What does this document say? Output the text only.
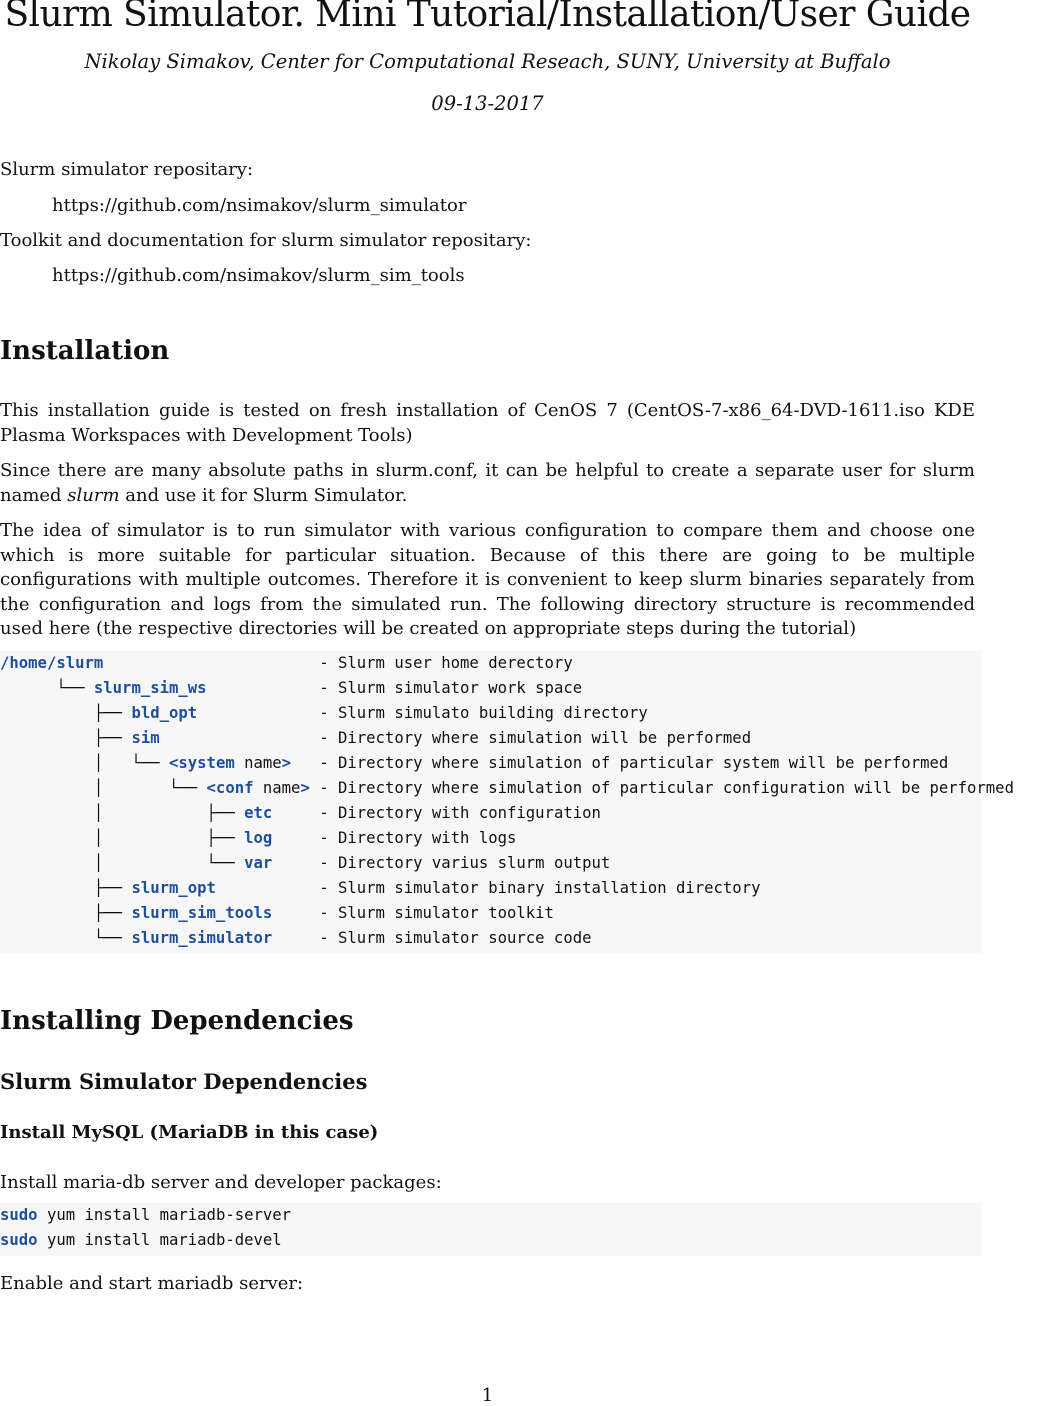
Slurm Simulator. Mini Tutorial/Installation/User Guide
Nikolay Simakov, Center for Computational Reseach, SUNY, University at Buffalo
09-13-2017
Slurm simulator repositary:
https://github.com/nsimakov/slurm_simulator
Toolkit and documentation for slurm simulator repositary:
https://github.com/nsimakov/slurm_sim_tools
Installation
This installation guide is tested on fresh installation of CenOS 7 (CentOS-7-x86_64-DVD-1611.iso KDE Plasma Workspaces with Development Tools)
Since there are many absolute paths in slurm.conf, it can be helpful to create a separate user for slurm named slurm and use it for Slurm Simulator.
The idea of simulator is to run simulator with various configuration to compare them and choose one which is more suitable for particular situation. Because of this there are going to be multiple configurations with multiple outcomes. Therefore it is convenient to keep slurm binaries separately from the configuration and logs from the simulated run. The following directory structure is recommended used here (the respective directories will be created on appropriate steps during the tutorial)
/home/slurm	- Slurm user home derectory
└── slurm_sim_ws	- Slurm simulator work space
├── bld_opt	- Slurm simulato building directory
├── sim	- Directory where simulation will be performed
│   └── <system name> - Directory where simulation of particular system will be performed
│       └── <conf name> - Directory where simulation of particular configuration will be performed
│           ├── etc	- Directory with configuration
│           ├── log	- Directory with logs
│           └── var	- Directory varius slurm output
├── slurm_opt	- Slurm simulator binary installation directory
├── slurm_sim_tools	- Slurm simulator toolkit
└── slurm_simulator	- Slurm simulator source code
Installing Dependencies
Slurm Simulator Dependencies
Install MySQL (MariaDB in this case)
Install maria-db server and developer packages:
sudo yum install mariadb-server
sudo yum install mariadb-devel
Enable and start mariadb server:
1
